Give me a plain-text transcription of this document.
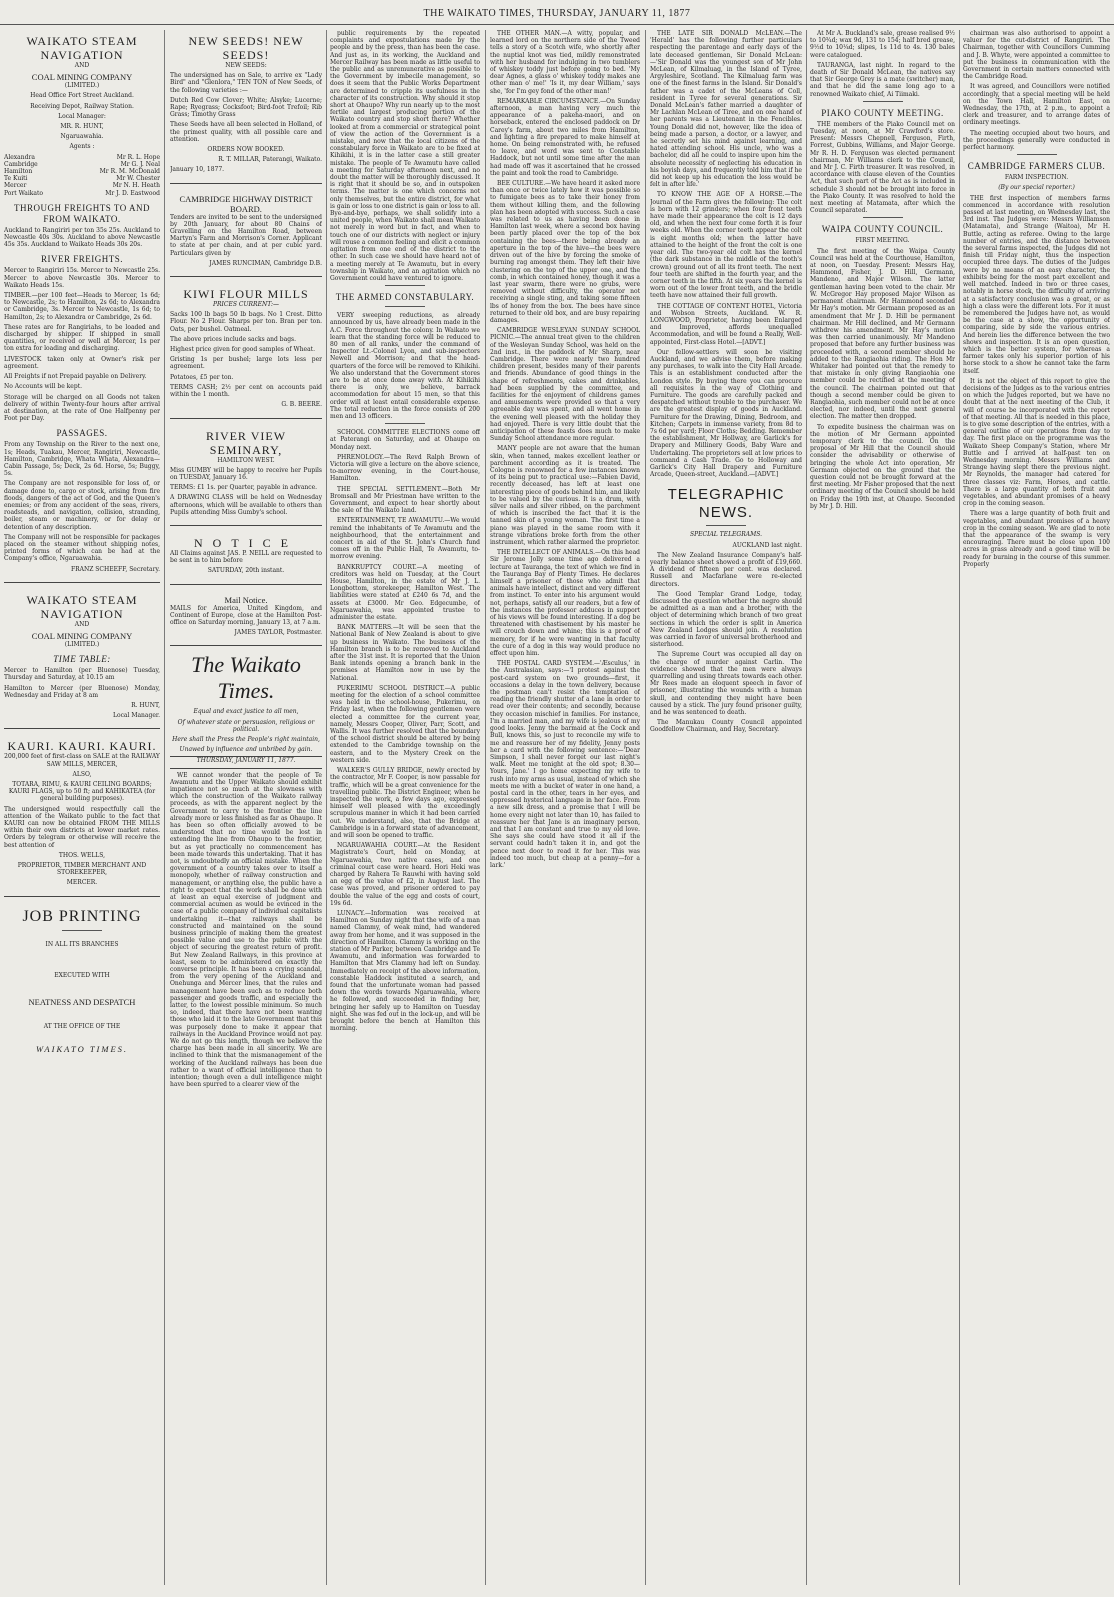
THE WAIKATO TIMES, THURSDAY, JANUARY 11, 1877
WAIKATO STEAM NAVIGATION

AND

COAL MINING COMPANY

(LIMITED.)

Head Office Fort Street Auckland.

Receiving Depot, Railway Station.

Local Manager:

MR. R. HUNT,

Ngaruawahia.

Agents :

Alexandra	Mr R. L. Hope
Cambridge	Mr G. J. Neal
Hamilton	Mr R. M. McDonald
Te Kuiti	Mr W. Chester
Mercer	Mr N. H. Heath
Port Waikato	Mr J. D. Eastwood
THROUGH FREIGHTS TO AND FROM WAIKATO.

Auckland to Rangiriri per ton 35s 25s. Auckland to Newcastle 40s 30s. Auckland to above Newcastle 45s 35s. Auckland to Waikato Heads 30s 20s.

RIVER FREIGHTS.

Mercer to Rangiriri 15s. Mercer to Newcastle 25s. Mercer to above Newcastle 30s. Mercer to Waikato Heads 15s.

TIMBER.—per 100 feet—Heads to Mercer, 1s 6d; to Newcastle, 2s; to Hamilton, 2s 6d; to Alexandra or Cambridge, 3s. Mercer to Newcastle, 1s 6d; to Hamilton, 2s; to Alexandra or Cambridge, 2s 6d.

These rates are for Rangiriahs, to be loaded and discharged by shipper. If shipped in small quantities, or received or well at Mercer, 1s per ton extra for loading and discharging.

LIVESTOCK taken only at Owner's risk per agreement.

All Freights if not Prepaid payable on Delivery.

No Accounts will be kept.

Storage will be charged on all Goods not taken delivery of within Twenty-four hours after arrival at destination, at the rate of One Halfpenny per Foot per Day.

PASSAGES.

From any Township on the River to the next one, 1s; Heads, Tuakau, Mercer, Rangiriri, Newcastle, Hamilton, Cambridge, Whata Whata, Alexandra—Cabin Passage, 5s; Deck, 2s 6d. Horse, 5s; Buggy, 5s.

The Company are not responsible for loss of, or damage done to, cargo or stock, arising from fire floods, dangers of the act of God, and the Queen's enemies; or from any accident of the seas, rivers, roadsteads, and navigation, collision, stranding, boiler, steam or machinery, or for delay or detention of any description.

The Company will not be responsible for packages placed on the steamer without shipping notes, printed forms of which can be had at the Company's office, Ngaruawahia.

FRANZ SCHEEFF, Secretary.

WAIKATO STEAM NAVIGATION

AND

COAL MINING COMPANY

(LIMITED.)

TIME TABLE:

Mercer to Hamilton (per Bluenose) Tuesday, Thursday and Saturday, at 10.15 am

Hamilton to Mercer (per Bluenose) Monday, Wednesday and Friday at 8 am

R. HUNT,

Local Manager.

KAURI. KAURI. KAURI.

200,000 feet of first-class on SALE at the RAILWAY SAW MILLS, MERCER,

ALSO,

TOTARA, RIMU, & KAURI CEILING BOARDS; KAURI FLAGS, up to 50 ft; and KAHIKATEA (for general building purposes).

The undersigned would respectfully call the attention of the Waikato public to the fact that KAURI can now be obtained FROM THE MILLS within their own districts at lower market rates. Orders by telegram or otherwise will receive the best attention of

THOS. WELLS,

PROPRIETOR, TIMBER MERCHANT AND STOREKEEPER,

MERCER.

JOB PRINTING

IN ALL ITS BRANCHES

EXECUTED WITH

NEATNESS AND DESPATCH

AT THE OFFICE OF THE

WAIKATO TIMES.
NEW SEEDS! NEW SEEDS!

NEW SEEDS:

The undersigned has on Sale, to arrive ex "Lady Bird" and "Glenlora," TEN TON of New Seeds, of the following varieties :—

Dutch Red Cow Clover; White; Alsyke; Lucerne; Rape; Ryegrass; Cocksfoot; Bird-foot Trefoil; Rib Grass; Timothy Grass

These Seeds have all been selected in Holland, of the primest quality, with all possible care and attention.

ORDERS NOW BOOKED.

R. T. MILLAR, Paterangi, Waikato.

January 10, 1877.

CAMBRIDGE HIGHWAY DISTRICT BOARD.

Tenders are invited to be sent to the undersigned by 20th January, for about 80 Chains of Gravelling on the Hamilton Road, between Martyn's Farm and Morrison's Corner. Applicant to state at per chain, and at per cubic yard. Particulars given by

JAMES RUNCIMAN, Cambridge D.B.

KIWI FLOUR MILLS

PRICES CURRENT:—

Sacks 100 lb bags 50 lb bags. No 1 Crest. Ditto Flour. No 2 Flour. Sharps per ton. Bran per ton. Oats, per bushel. Oatmeal.

The above prices include sacks and bags.

Highest price given for good samples of Wheat.

Gristing 1s per bushel; large lots less per agreement.

Potatoes, £5 per ton.

TERMS CASH; 2½ per cent on accounts paid within the 1 month.

G. B. BEERE.

RIVER VIEW SEMINARY,

HAMILTON WEST.

Miss GUMBY will be happy to receive her Pupils on TUESDAY, January 16.

TERMS: £1 1s. per Quarter, payable in advance.

A DRAWING CLASS will be held on Wednesday afternoons, which will be available to others than Pupils attending Miss Gumby's school.

NOTICE

All Claims against JAS. P. NEILL are requested to be sent in to him before

SATURDAY, 20th instant.

Mail Notice.

MAILS for America, United Kingdom, and Continent of Europe, close at the Hamilton Post-office on Saturday morning, January 13, at 7 a.m.

JAMES TAYLOR, Postmaster.

The Waikato Times.

Equal and exact justice to all men,

Of whatever state or persuasion, religious or political.

Here shall the Press the People's right maintain,

Unawed by influence and unbribed by gain.

THURSDAY, JANUARY 11, 1877.

WE cannot wonder that the people of Te Awamutu and the Upper Waikato should exhibit impatience not so much at the slowness with which the construction of the Waikato railway proceeds, as with the apparent neglect by the Government to carry to the frontier the line already more or less finished as far as Ohaupo. It has been so often officially avowed to be understood that no time would be lost in extending the line from Ohaupo to the frontier, but as yet practically no commencement has been made towards this undertaking. That it has not, is undoubtedly an official mistake. When the government of a country takes over to itself a monopoly, whether of railway construction and management, or anything else, the public have a right to expect that the work shall be done with at least an equal exercise of judgment and commercial acumen as would be evinced in the case of a public company of individual capitalists undertaking it—that railways shall be constructed and maintained on the sound business principle of making them the greatest possible value and use to the public with the object of securing the greatest return of profit. But New Zealand Railways, in this province at least, seem to be administered on exactly the converse principle. It has been a crying scandal, from the very opening of the Auckland and Onehunga and Mercer lines, that the rules and management have been such as to reduce both passenger and goods traffic, and especially the latter, to the lowest possible minimum. So much so, indeed, that there have not been wanting those who laid it to the late Government that this was purposely done to make it appear that railways in the Auckland Province would not pay. We do not go this length, though we believe the charge has been made in all sincerity. We are inclined to think that the mismanagement of the working of the Auckland railways has been due rather to a want of official intelligence than to intention; though even a dull intelligence might have been spurred to a clearer view of the

public requirements by the repeated complaints and expostulations made by the people and by the press, than has been the case. And just as, in its working, the Auckland and Mercer Railway has been made as little useful to the public and as unremunerative as possible to the Government by imbecile management, so does it seem that the Public Works Department are determined to cripple its usefulness in the character of its construction. Why should it stop short at Ohaupo? Why run nearly up to the most fertile and largest producing portion of the Waikato country and stop short there? Whether looked at from a commercial or strategical point of view the action of the Government is a mistake, and now that the local citizens of the constabulary force in Waikato are to be fixed at Kihikihi, it is in the latter case a still greater mistake. The people of Te Awamutu have called a meeting for Saturday afternoon next, and no doubt the matter will be thoroughly discussed. It is right that it should be so, and in outspoken terms. The matter is one which concerns not only themselves, but the entire district, for what is gain or loss to one district is gain or loss to all. Bye-and-bye, perhaps, we shall solidify into a united people, when Waikato shall mean Waikato not merely in word but in fact, and when to touch one of our districts with neglect or injury will rouse a common feeling and elicit a common agitation from one end of the district to the other. In such case we should have heard not of a meeting merely at Te Awamutu, but in every township in Waikato, and an agitation which no Government could have ventured to ignore.

THE ARMED CONSTABULARY.

VERY sweeping reductions, as already announced by us, have already been made in the A.C. Force throughout the colony. In Waikato we learn that the standing force will be reduced to 80 men of all ranks, under the command of Inspector Lt.-Colonel Lyon, and sub-inspectors Newell and Morrison; and that the head-quarters of the force will be removed to Kihikihi. We also understand that the Government stores are to be at once done away with. At Kihikihi there is only, we believe, barrack accommodation for about 15 men, so that this order will at least entail considerable expense. The total reduction in the force consists of 200 men and 13 officers.

SCHOOL COMMITTEE ELECTIONS come off at Paterangi on Saturday, and at Ohaupo on Monday next.

PHRENOLOGY.—The Revd Ralph Brown of Victoria will give a lecture on the above science, to-morrow evening, in the Court-house, Hamilton.

THE SPECIAL SETTLEMENT.—Both Mr Bromsall and Mr Priestman have written to the Government, and expect to hear shortly about the sale of the Waikato land.

ENTERTAINMENT, TE AWAMUTU.—We would remind the inhabitants of Te Awamutu and the neighbourhood, that the entertainment and concert in aid of the St. John's Church fund comes off in the Public Hall, Te Awamutu, to-morrow evening.

BANKRUPTCY COURT.—A meeting of creditors was held on Tuesday, at the Court House, Hamilton, in the estate of Mr J. L. Longbottom, storekeeper, Hamilton West. The liabilities were stated at £240 6s 7d, and the assets at £3000. Mr Geo. Edgecumbe, of Ngaruawahia, was appointed trustee to administer the estate.

BANK MATTERS.—It will be seen that the National Bank of New Zealand is about to give up business in Waikato. The business of the Hamilton branch is to be removed to Auckland after the 31st inst. It is reported that the Union Bank intends opening a branch bank in the premises at Hamilton now in use by the National.

PUKERIMU SCHOOL DISTRICT.—A public meeting for the election of a school committee was held in the school-house, Pukerimu, on Friday last, when the following gentlemen were elected a committee for the current year, namely, Messrs Cooper, Oliver, Parr, Scott, and Wallis. It was further resolved that the boundary of the school district should be altered by being extended to the Cambridge township on the eastern, and to the Mystery Creek on the western side.

WALKER'S GULLY BRIDGE, newly erected by the contractor, Mr F. Cooper, is now passable for traffic, which will be a great convenience for the travelling public. The District Engineer, when he inspected the work, a few days ago, expressed himself well pleased with the exceedingly scrupulous manner in which it had been carried out. We understand, also, that the Bridge at Cambridge is in a forward state of advancement, and will soon be opened to traffic.

NGARUAWAHIA COURT.—At the Resident Magistrate's Court, held on Monday, at Ngaruawahia, two native cases, and one criminal court case were heard. Hori Heki was charged by Rahera Te Rauwhi with having sold an egg of the value of £2, in August last. The case was proved, and prisoner ordered to pay double the value of the egg and costs of court, 19s 6d.

LUNACY.—Information was received at Hamilton on Sunday night that the wife of a man named Clammy, of weak mind, had wandered away from her home, and it was supposed in the direction of Hamilton. Clammy is working on the station of Mr Parker, between Cambridge and Te Awamutu, and information was forwarded to Hamilton that Mrs Clammy had left on Sunday. Immediately on receipt of the above information, constable Haddock instituted a search, and found that the unfortunate woman had passed down the words towards Ngaruawahia, where he followed, and succeeded in finding her, bringing her safely up to Hamilton on Tuesday night. She was fed out in the lock-up, and will be brought before the bench at Hamilton this morning.

THE OTHER MAN.—A witty, popular, and learned lord on the northern side of the Tweed tells a story of a Scotch wife, who shortly after the nuptial knot was tied, mildly remonstrated with her husband for indulging in two tumblers of whiskey toddy just before going to bed. 'My dear Agnes, a glass o' whiskey toddy makes ane other man o' me!' 'Is it, my dear William,' says she, 'for I'm gey fond of the other man!'

REMARKABLE CIRCUMSTANCE.—On Sunday afternoon, a man having very much the appearance of a pakeha-maori, and on horseback, entered the enclosed paddock on Dr Carey's farm, about two miles from Hamilton, and lighting a fire prepared to make himself at home. On being remonstrated with, he refused to leave, and word was sent to Constable Haddock, but not until some time after the man had made off was it ascertained that he crossed the paint and took the road to Cambridge.

BEE CULTURE.—We have heard it asked more than once or twice lately how it was possible so to fumigate bees as to take their honey from them without killing them, and the following plan has been adopted with success. Such a case was related to us as having been done in Hamilton last week, where a second box having been partly placed over the top of the box containing the bees—there being already an aperture in the top of the hive—the bees were driven out of the hive by forcing the smoke of burning rag amongst them. They left their hive clustering on the top of the upper one, and the comb, in which contained honey, though it was a last year swarm, there were no grubs, were removed without difficulty, the operator not receiving a single sting, and taking some fifteen lbs of honey from the box. The bees have since returned to their old box, and are busy repairing damages.

CAMBRIDGE WESLEYAN SUNDAY SCHOOL PICNIC.—The annual treat given to the children of the Wesleyan Sunday School, was held on the 2nd inst., in the paddock of Mr Sharp, near Cambridge. There were nearly two hundred children present, besides many of their parents and friends. Abundance of good things in the shape of refreshments, cakes and drinkables, had been supplied by the committee, and facilities for the enjoyment of childrens games and amusements were provided so that a very agreeable day was spent, and all went home in the evening well pleased with the holiday they had enjoyed. There is very little doubt that the anticipation of these feasts does much to make Sunday School attendance more regular.

MANY people are not aware that the human skin, when tanned, makes excellent leather or parchment according as it is treated. The Cologne is renowned for a few instances known of its being put to practical use:—Fabien David, recently deceased, has left at least one interesting piece of goods behind him, and likely to be valued by the curious. It is a drum, with silver nails and silver ribbed, on the parchment of which is inscribed the fact that it is the tanned skin of a young woman. The first time a piano was played in the same room with it strange vibrations broke forth from the other instrument, which rather alarmed the proprietor.

THE INTELLECT OF ANIMALS.—On this head Sir Jerome Jolly some time ago delivered a lecture at Tauranga, the text of which we find in the Tauranga Bay of Plenty Times. He declares himself a prisoner of those who admit that animals have intellect, distinct and very different from instinct. To enter into his argument would not, perhaps, satisfy all our readers, but a few of the instances the professor adduces in support of his views will be found interesting. If a dog be threatened with chastisement by his master he will crouch down and whine; this is a proof of memory, for if he were wanting in that faculty the cure of a dog in this way would produce no effect upon him.

THE POSTAL CARD SYSTEM.—'Æsculus,' in the Australasian, says:—'I protest against the post-card system on two grounds—first, it occasions a delay in the town delivery, because the postman can't resist the temptation of reading the friendly shutter of a lane in order to read over their contents; and secondly, because they occasion mischief in families. For instance, I'm a married man, and my wife is jealous of my good looks. Jenny the barmaid at the Cock and Bull, knows this, so just to reconcile my wife to me and reassure her of my fidelity, Jenny posts her a card with the following sentence:—'Dear Simpson, I shall never forget our last night's walk. Meet me tonight at the old spot; 8.30—Yours, Jane.' I go home expecting my wife to rush into my arms as usual, instead of which she meets me with a bucket of water in one hand, a postal card in the other, tears in her eyes, and oppressed hysterical language in her face. From a new silk dress, and a promise that I will be home every night not later than 10, has failed to reassure her that Jane is an imaginary person, and that I am constant and true to my old love. She says she could have stood it all if the servant could hadn't taken it in, and got the pence next door to read it for her. This was indeed too much, but cheap at a penny—for a lark.'

THE LATE SIR DONALD McLEAN.—The 'Herald' has the following further particulars respecting the parentage and early days of the late deceased gentleman, Sir Donald McLean:—'Sir Donald was the youngest son of Mr John McLean, of Kilmaluag, in the Island of Tyree, Argyleshire, Scotland. The Kilmaluag farm was one of the finest farms in the Island. Sir Donald's father was a cadet of the McLeans of Coll, resident in Tyree for several generations. Sir Donald McLean's father married a daughter of Mr Lachlan McLean of Tiree, and on one hand of her parents was a Lieutenant in the Fencibles. Young Donald did not, however, like the idea of being made a parson, a doctor, or a lawyer, and he secretly set his mind against learning, and hated attending school. His uncle, who was a bachelor, did all he could to inspire upon him the absolute necessity of neglecting his education in his boyish days, and frequently told him that if he did not keep up his education the loss would be felt in after life.'

TO KNOW THE AGE OF A HORSE.—The Journal of the Farm gives the following: The colt is born with 12 grinders; when four front teeth have made their appearance the colt is 12 days old, and when the next four come forth it is four weeks old. When the corner teeth appear the colt is eight months old; when the latter have attained to the height of the front the colt is one year old. The two-year old colt has the kernel (the dark substance in the middle of the tooth's crown) ground out of all its front teeth. The next four teeth are shifted in the fourth year, and the corner teeth in the fifth. At six years the kernel is worn out of the lower front teeth, and the bridle teeth have now attained their full growth.

THE COTTAGE OF CONTENT HOTEL, Victoria and Wobson Streets, Auckland. W. R. LONGWOOD, Proprietor, having been Enlarged and Improved, affords unequalled Accommodation, and will be found a Really, Well-appointed, First-class Hotel.—[ADVT.]

Our fellow-settlers will soon be visiting Auckland, and we advise them, before making any purchases, to walk into the City Hall Arcade. This is an establishment conducted after the London style. By buying there you can procure all requisites in the way of Clothing and Furniture. The goods are carefully packed and despatched without trouble to the purchaser. We are the greatest display of goods in Auckland. Furniture for the Drawing, Dining, Bedroom, and Kitchen; Carpets in immense variety, from 8d to 7s 6d per yard; Floor Cloths; Bedding. Remember the establishment, Mr Hollway, are Garlick's for Drapery and Millinery Goods, Baby Ware and Undertaking. The proprietors sell at low prices to command a Cash Trade. Go to Holloway and Garlick's City Hall Drapery and Furniture Arcade, Queen-street, Auckland.—[ADVT.]

TELEGRAPHIC NEWS.

SPECIAL TELEGRAMS.

AUCKLAND last night.

The New Zealand Insurance Company's half-yearly balance sheet showed a profit of £19,660. A dividend of fifteen per cent. was declared. Russell and Macfarlane were re-elected directors.

The Good Templar Grand Lodge, today, discussed the question whether the negro should be admitted as a man and a brother, with the object of determining which branch of two great sections in which the order is split in America New Zealand Lodges should join. A resolution was carried in favor of universal brotherhood and sisterhood.

The Supreme Court was occupied all day on the charge of murder against Carlin. The evidence showed that the men were always quarrelling and using threats towards each other. Mr Rees made an eloquent speech in favor of prisoner, illustrating the wounds with a human skull, and contending they might have been caused by a stick. The jury found prisoner guilty, and he was sentenced to death.

The Manukau County Council appointed Goodfellow Chairman, and Hay, Secretary.

At Mr A. Buckland's sale, grease realised 9½ to 10¾d; wax 9d, 131 to 154; half bred grease, 9½d to 10¼d; slipes, 1s 11d to 4s. 130 bales were catalogued.

TAURANGA, last night. In regard to the death of Sir Donald McLean, the natives say that Sir George Grey is a mate (switcher) man, and that he did the same long ago to a renowned Waikato chief, Ai Tiimaki.

PIAKO COUNTY MEETING.

THE members of the Piako Council met on Tuesday, at noon, at Mr Crawford's store. Present: Messrs Chepnell, Ferguson, Firth, Forrest, Gubbins, Williams, and Major George. Mr R. H. D. Ferguson was elected permanent chairman, Mr Williams clerk to the Council, and Mr J. C. Firth treasurer. It was resolved, in accordance with clause eleven of the Counties Act, that such part of the Act as is included in schedule 3 should not be brought into force in the Piako County. It was resolved to hold the next meeting at Matamata, after which the Council separated.

WAIPA COUNTY COUNCIL.

FIRST MEETING.

The first meeting of the Waipa County Council was held at the Courthouse, Hamilton, at noon, on Tuesday. Present: Messrs Hay, Hammond, Fisher, J. D. Hill, Germann, Mandeno, and Major Wilson. The latter gentleman having been voted to the chair. Mr W. McGregor Hay proposed Major Wilson as permanent chairman. Mr Hammond seconded Mr Hay's motion. Mr Germann proposed as an amendment that Mr J. D. Hill be permanent chairman. Mr Hill declined, and Mr Germann withdrew his amendment. Mr Hay's motion was then carried unanimously. Mr Mandeno proposed that before any further business was proceeded with, a second member should be added to the Rangiaohia riding. The Hon Mr Whitaker had pointed out that the remedy to that mistake in only giving Rangiaohia one member could be rectified at the meeting of the council. The chairman pointed out that though a second member could be given to Rangiaohia, such member could not be at once elected, nor indeed, until the next general election. The matter then dropped.

To expedite business the chairman was on the motion of Mr Germann appointed temporary clerk to the council. On the proposal of Mr Hill that the Council should consider the advisability or otherwise of bringing the whole Act into operation, Mr Germann objected on the ground that the question could not be brought forward at the first meeting. Mr Fisher proposed that the next ordinary meeting of the Council should be held on Friday the 19th inst, at Ohaupo. Seconded by Mr J. D. Hill.

chairman was also authorised to appoint a valuer for the cut-district of Rangiriri. The Chairman, together with Councillors Cumming and J. B. Whyte, were appointed a committee to put the business in communication with the Government in certain matters connected with the Cambridge Road.

It was agreed, and Councillors were notified accordingly, that a special meeting will be held on the Town Hall, Hamilton East, on Wednesday, the 17th, at 2 p.m., to appoint a clerk and treasurer, and to arrange dates of ordinary meetings.

The meeting occupied about two hours, and the proceedings generally were conducted in perfect harmony.

CAMBRIDGE FARMERS CLUB.

FARM INSPECTION.

(By our special reporter.)

THE first inspection of members farms commenced in accordance with resolution passed at last meeting, on Wednesday last, the 3rd inst. The Judges were: Messrs Williamson (Matamata), and Strange (Waitoa), Mr H. Buttle, acting as referee. Owing to the large number of entries, and the distance between the several farms inspected, the Judges did not finish till Friday night, thus the inspection occupied three days. The duties of the Judges were by no means of an easy character, the exhibits being for the most part excellent and well matched. Indeed in two or three cases, notably in horse stock, the difficulty of arriving at a satisfactory conclusion was a great, or as high a class were the different lots. For it must be remembered the Judges have not, as would be the case at a show, the opportunity of comparing, side by side the various entries. And herein lies the difference between the two shows and inspection. It is an open question, which is the better system, for whereas a farmer takes only his superior portion of his horse stock to a show he cannot take the farm itself.

It is not the object of this report to give the decisions of the Judges as to the various entries on which the Judges reported, but we have no doubt that at the next meeting of the Club, it will of course be incorporated with the report of that meeting. All that is needed in this place, is to give some description of the entries, with a general outline of our operations from day to day. The first place on the programme was the Waikato Sheep Company's Station, where Mr Buttle and I arrived at half-past ten on Wednesday morning. Messrs Williams and Strange having slept there the previous night. Mr Reynolds, the manager had catered for three classes viz: Farm, Horses, and cattle. There is a large quantity of both fruit and vegetables, and abundant promises of a heavy crop in the coming season.

There was a large quantity of both fruit and vegetables, and abundant promises of a heavy crop in the coming season. We are glad to note that the appearance of the swamp is very encouraging. There must be close upon 100 acres in grass already and a good time will be ready for burning in the course of this summer. Properly
